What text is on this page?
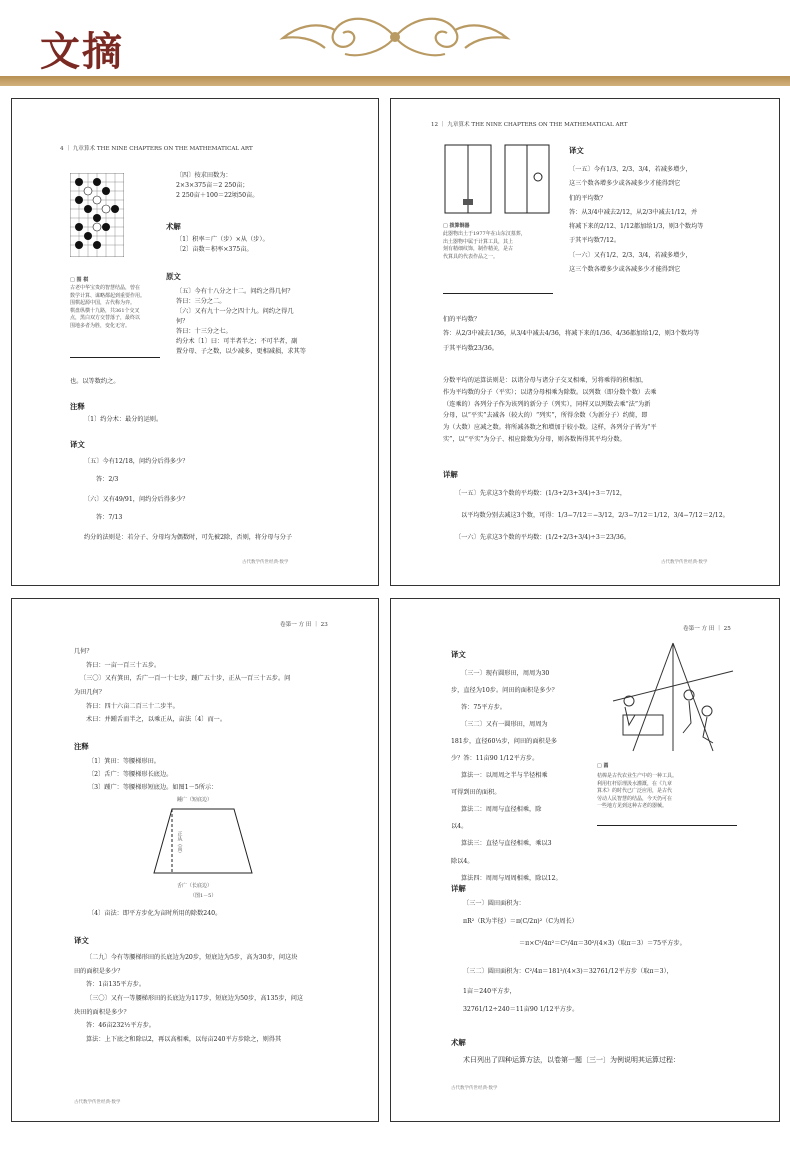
文摘
4 ｜ 九章算术 THE NINE CHAPTERS ON THE MATHEMATICAL ART
□ 围 棋
古老中华宝贵的智慧结晶，曾在
数学计算、谋略都起到重要作用。
围棋起源中国，古代称为弈。
棋盘纵横十九路，共361个交叉
点，黑白双方交替落子，最终以
围地多者为胜，变化无穷。
〔四〕按求田数为：
2×3×375亩＝2 250亩；
2 250亩＋100＝22顷50亩。
术解
〔1〕积率＝广（步）×从（步）。
〔2〕亩数＝积率×375亩。
原文
〔五〕今有十八分之十二。问约之得几何？
答曰：三分之二。
〔六〕又有九十一分之四十九。问约之得几
何？
答曰：十三分之七。
约分术〔1〕曰：可半者半之；不可半者，副
置分母、子之数，以少减多，更相减损，求其等
也。以等数约之。
注释
〔1〕约分术：最分的运则。
译文
〔五〕今有12/18，问约分后得多少？
答：2/3
〔六〕又有49/91，问约分后得多少？
答：7/13
约分的法则是：若分子、分母均为偶数时，可先被2除，否则，将分母与分子
古代数学传世经典·数学
12 ｜ 九章算术 THE NINE CHAPTERS ON THE MATHEMATICAL ART
□ 拨算铜器
此器物出土于1977年在山东汉墓葬，
出土器物中属于计算工具，其上
刻有精细纹饰，制作精美，是古
代算具的代表作品之一。
译文
〔一五〕今有1/3、2/3、3/4，若减多增少，
这三个数各增多少或各减多少才能得到它
们的平均数？
答：从3/4中减去2/12，从2/3中减去1/12，并
将减下来的2/12、1/12都加给1/3，则3个数均等
于其平均数7/12。
〔一六〕又有1/2、2/3、3/4，若减多增少，
这三个数各增多少或各减多少才能得到它
们的平均数？
答：从2/3中减去1/36，从3/4中减去4/36，将减下来的1/36、4/36都加给1/2，则3个数均等
于其平均数23/36。
分数平均的运算法则是：以诸分母与诸分子交叉相乘，另将乘得的积相加，
作为平均数的分子（平实）；以诸分母相乘为除数。以列数（即分数个数）去乘
（连乘的）各列分子作为该列的新分子（列实），同样又以列数去乘“法”为新
分母，以“平实”去减各（较大的）“列实”，所得余数（为新分子）约简，即
为（大数）应减之数。将所减各数之和增加于较小数。这样，各列分子皆为“平
实”，以“平实”为分子、相应除数为分母，则各数皆得其平均分数。
详解
〔一五〕先求这3个数的平均数：(1/3+2/3+3/4)÷3＝7/12，
以平均数分别去减这3个数，可得：1/3−7/12＝−3/12，2/3−7/12＝1/12，3/4−7/12＝2/12。
〔一六〕先求这3个数的平均数：(1/2+2/3+3/4)÷3＝23/36。
古代数学传世经典·数学
卷第一 方 田 ｜ 23
几何？
答曰：一亩一百三十五步。
〔三〇〕又有箕田，舌广一百一十七步，踵广五十步，正从一百三十五步。问
为田几何？
答曰：四十六亩二百三十二步半。
术曰：并踵舌而半之，以乘正从，亩法〔4〕而一。
注释
〔1〕箕田：等腰梯形田。
〔2〕舌广：等腰梯形长底边。
〔3〕踵广：等腰梯形短底边。如图1－5所示：
踵广（短底边）
舌广（长底边）
正从（高）
（图1－5）
〔4〕亩法：即平方步化为亩时所用的除数240。
译文
〔二九〕今有等腰梯形田的长底边为20步，短底边为5步，高为30步，问这块
田的面积是多少？
答：1亩135平方步。
〔三〇〕又有一等腰梯形田的长底边为117步，短底边为50步，高135步，问这
块田的面积是多少？
答：46亩232½平方步。
算法：上下底之和除以2，再以高相乘，以每亩240平方步除之，则得其
古代数学传世经典·数学
卷第一 方 田 ｜ 25
译文
〔三一〕现有圆形田，周周为30
步，直径为10步。问田的面积是多少？
答：75平方步。
〔三二〕又有一圆形田，周周为
181步，直径60⅓步，问田的面积是多
少？答：11亩90 1/12平方步。
算法一：以周周之半与半径相乘
可得到田的面积。
算法二：周周与直径相乘，除
以4。
算法三：直径与直径相乘，乘以3
除以4。
算法四：周周与周周相乘，除以12。
□ 圆
桔槔是古代农业生产中的一种工具。
利用杠杆原理汲水灌溉，在《九章
算术》的时代已广泛应用，是古代
劳动人民智慧的结晶，今天仍可在
一些地方见到这种古老的器械。
详解
〔三一〕圆田面积为：
πR²（R为半径）＝π(C/2π)²（C为周长）
＝π×C²/4π²＝C²/4π＝30²/(4×3)（取π＝3）＝75平方步。
〔三二〕圆田面积为：C²/4π＝181²/(4×3)＝32761/12平方步（取π＝3），
1亩＝240平方步，
32761/12÷240＝11亩90 1/12平方步。
术解
术曰列出了四种运算方法，以卷第一题〔三一〕为例说明其运算过程：
古代数学传世经典·数学
